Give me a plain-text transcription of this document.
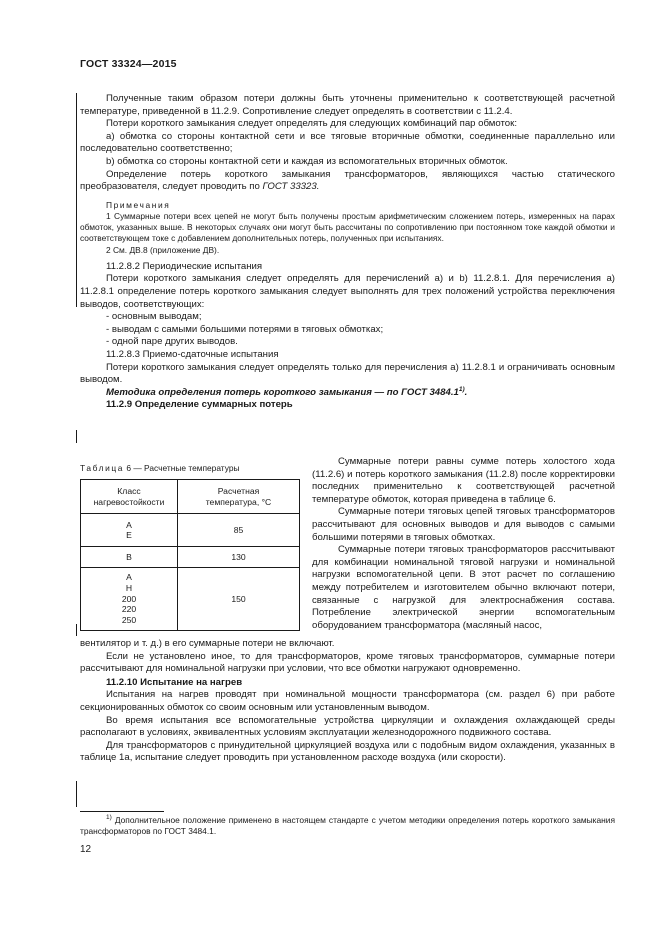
ГОСТ 33324—2015

Полученные таким образом потери должны быть уточнены применительно к соответствующей расчетной температуре, приведенной в 11.2.9. Сопротивление следует определять в соответствии с 11.2.4.

Потери короткого замыкания следует определять для следующих комбинаций пар обмоток:

а) обмотка со стороны контактной сети и все тяговые вторичные обмотки, соединенные параллельно или последовательно соответственно;

b) обмотка со стороны контактной сети и каждая из вспомогательных вторичных обмоток.

Определение потерь короткого замыкания трансформаторов, являющихся частью статического преобразователя, следует проводить по ГОСТ 33323.

Примечания

1 Суммарные потери всех цепей не могут быть получены простым арифметическим сложением потерь, измеренных на парах обмоток, указанных выше. В некоторых случаях они могут быть рассчитаны по сопротивлению при постоянном токе каждой обмотки и соответствующем токе с добавлением дополнительных потерь, полученных при испытаниях.

2 См. ДВ.8 (приложение ДВ).

11.2.8.2 Периодические испытания

Потери короткого замыкания следует определять для перечислений а) и b) 11.2.8.1. Для перечисления а) 11.2.8.1 определение потерь короткого замыкания следует выполнять для трех положений устройства переключения выводов, соответствующих:

- основным выводам;

- выводам с самыми большими потерями в тяговых обмотках;

- одной паре других выводов.

11.2.8.3 Приемо-сдаточные испытания

Потери короткого замыкания следует определять только для перечисления а) 11.2.8.1 и ограничивать основным выводом.

Методика определения потерь короткого замыкания — по ГОСТ 3484.1$^{1)}$.

11.2.9 Определение суммарных потерь

Таблица 6 — Расчетные температуры
Класс
нагревостойкости	Расчетная
температура, °С
А
Е	85
В	130
А
Н
200
220
250	150

Суммарные потери равны сумме потерь холостого хода (11.2.6) и потерь короткого замыкания (11.2.8) после корректировки последних применительно к соответствующей расчетной температуре обмоток, которая приведена в таблице 6.

Суммарные потери тяговых цепей тяговых трансформаторов рассчитывают для основных выводов и для выводов с самыми большими потерями в тяговых обмотках.

Суммарные потери тяговых трансформаторов рассчитывают для комбинации номинальной тяговой нагрузки и номинальной нагрузки вспомогательной цепи. В этот расчет по соглашению между потребителем и изготовителем обычно включают потери, связанные с нагрузкой для электроснабжения состава. Потребление электрической энергии вспомогательным оборудованием трансформатора (масляный насос,

вентилятор и т. д.) в его суммарные потери не включают.

Если не установлено иное, то для трансформаторов, кроме тяговых трансформаторов, суммарные потери рассчитывают для номинальной нагрузки при условии, что все обмотки нагружают одновременно.

11.2.10 Испытание на нагрев

Испытания на нагрев проводят при номинальной мощности трансформатора (см. раздел 6) при работе секционированных обмоток со своим основным или установленным выводом.

Во время испытания все вспомогательные устройства циркуляции и охлаждения охлаждающей среды располагают в условиях, эквивалентных условиям эксплуатации железнодорожного подвижного состава.

Для трансформаторов с принудительной циркуляцией воздуха или с подобным видом охлаждения, указанных в таблице 1а, испытание следует проводить при установленном расходе воздуха (или скорости).

$^{1)}$ Дополнительное положение применено в настоящем стандарте с учетом методики определения потерь короткого замыкания трансформаторов по ГОСТ 3484.1.

12
